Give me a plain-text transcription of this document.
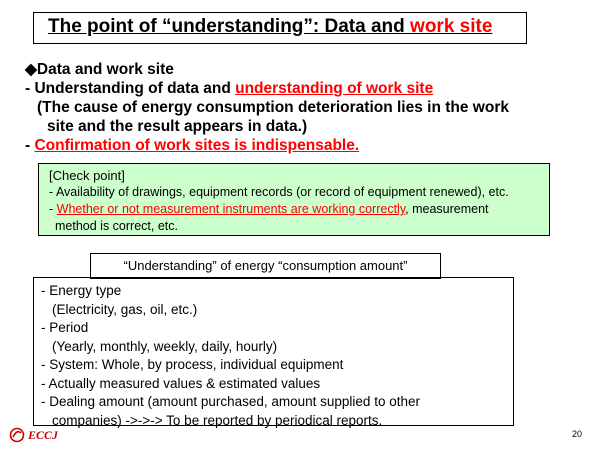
The point of “understanding”: Data and work site
◆Data and work site
- Understanding of data and understanding of work site
(The cause of energy consumption deterioration lies in the work
site and the result appears in data.)
- Confirmation of work sites is indispensable.
[Check point]
- Availability of drawings, equipment records (or record of equipment renewed), etc.
- Whether or not measurement instruments are working correctly, measurement
method is correct, etc.
“Understanding” of energy “consumption amount”
- Energy type
(Electricity, gas, oil, etc.)
- Period
(Yearly, monthly, weekly, daily, hourly)
- System: Whole, by process, individual equipment
- Actually measured values & estimated values
- Dealing amount (amount purchased, amount supplied to other
companies) ->->-> To be reported by periodical reports.
ECCJ	20
